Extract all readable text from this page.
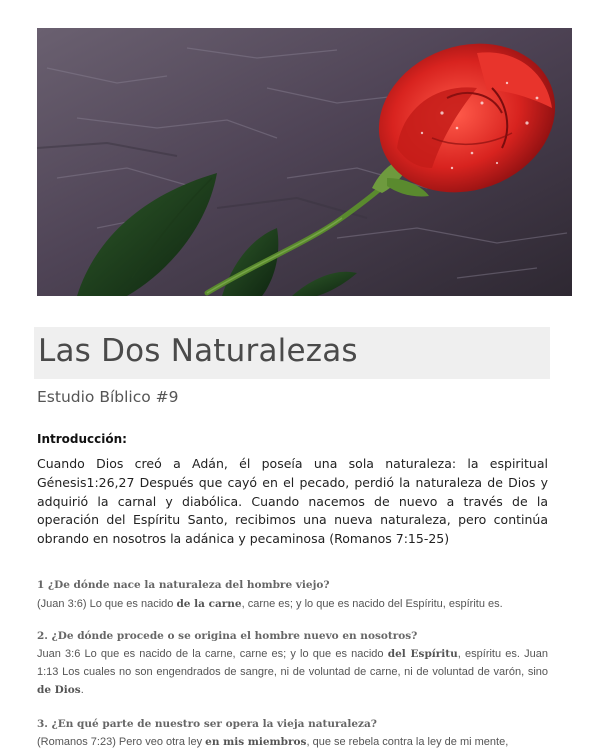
Las Dos Naturalezas
Estudio Bíblico #9
Introducción:

Cuando Dios creó a Adán, él poseía una sola naturaleza: la espiritual Génesis1:26,27 Después que cayó en el pecado, perdió la naturaleza de Dios y adquirió la carnal y diabólica. Cuando nacemos de nuevo a través de la operación del Espíritu Santo, recibimos una nueva naturaleza, pero continúa obrando en nosotros la adánica y pecaminosa (Romanos 7:15-25)

1 ¿De dónde nace la naturaleza del hombre viejo?

(Juan 3:6) Lo que es nacido de la carne, carne es; y lo que es nacido del Espíritu, espíritu es.

2. ¿De dónde procede o se origina el hombre nuevo en nosotros?

Juan 3:6 Lo que es nacido de la carne, carne es; y lo que es nacido del Espíritu, espíritu es. Juan 1:13 Los cuales no son engendrados de sangre, ni de voluntad de carne, ni de voluntad de varón, sino de Dios.

3. ¿En qué parte de nuestro ser opera la vieja naturaleza?

(Romanos 7:23) Pero veo otra ley en mis miembros, que se rebela contra la ley de mi mente,
